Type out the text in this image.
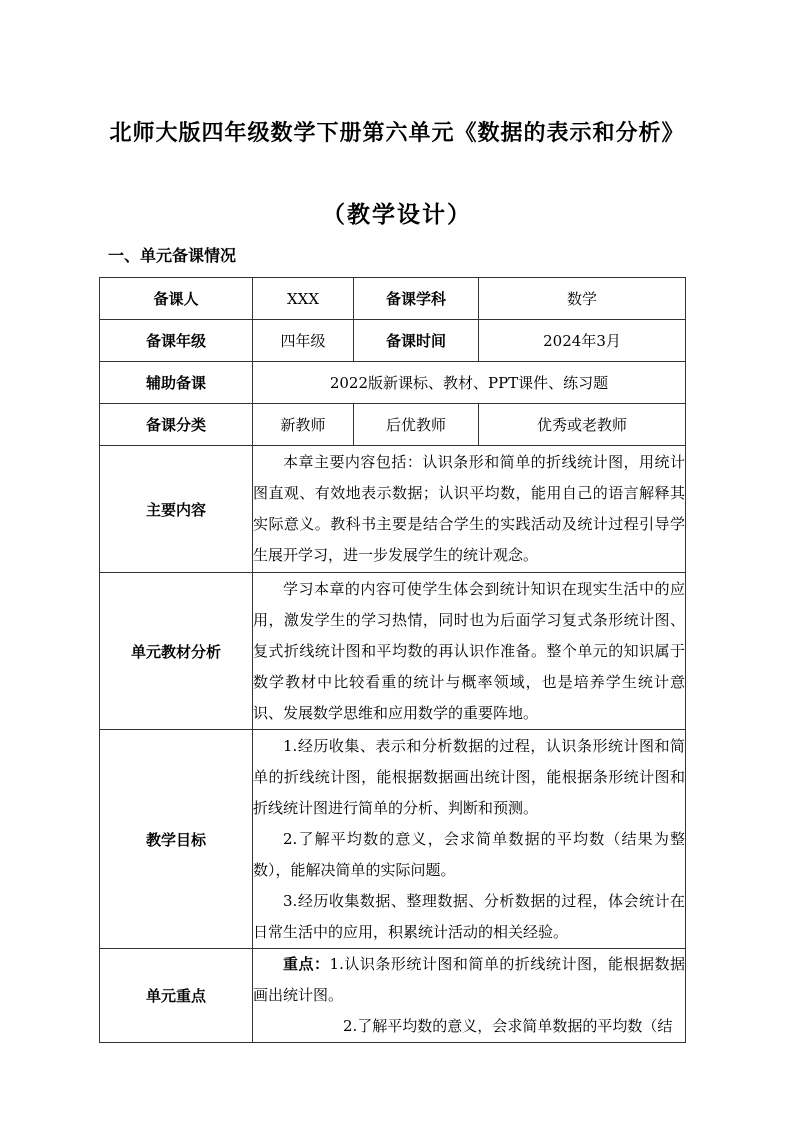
北师大版四年级数学下册第六单元《数据的表示和分析》
（教学设计）
一、单元备课情况
备课人	XXX	备课学科	数学
备课年级	四年级	备课时间	2024年3月
辅助备课	2022版新课标、教材、PPT课件、练习题		
备课分类	新教师	后优教师	优秀或老教师
主要内容	本章主要内容包括：认识条形和简单的折线统计图，用统计图直观、有效地表示数据；认识平均数，能用自己的语言解释其实际意义。教科书主要是结合学生的实践活动及统计过程引导学生展开学习，进一步发展学生的统计观念。		

单元教材分析	学习本章的内容可使学生体会到统计知识在现实生活中的应用，激发学生的学习热情，同时也为后面学习复式条形统计图、复式折线统计图和平均数的再认识作准备。整个单元的知识属于数学教材中比较看重的统计与概率领域，也是培养学生统计意识、发展数学思维和应用数学的重要阵地。		

教学目标	1.经历收集、表示和分析数据的过程，认识条形统计图和简单的折线统计图，能根据数据画出统计图，能根据条形统计图和折线统计图进行简单的分析、判断和预测。

2.了解平均数的意义，会求简单数据的平均数（结果为整数），能解决简单的实际问题。

3.经历收集数据、整理数据、分析数据的过程，体会统计在日常生活中的应用，积累统计活动的相关经验。		

单元重点	重点：1.认识条形统计图和简单的折线统计图，能根据数据画出统计图。

2.了解平均数的意义，会求简单数据的平均数（结		
